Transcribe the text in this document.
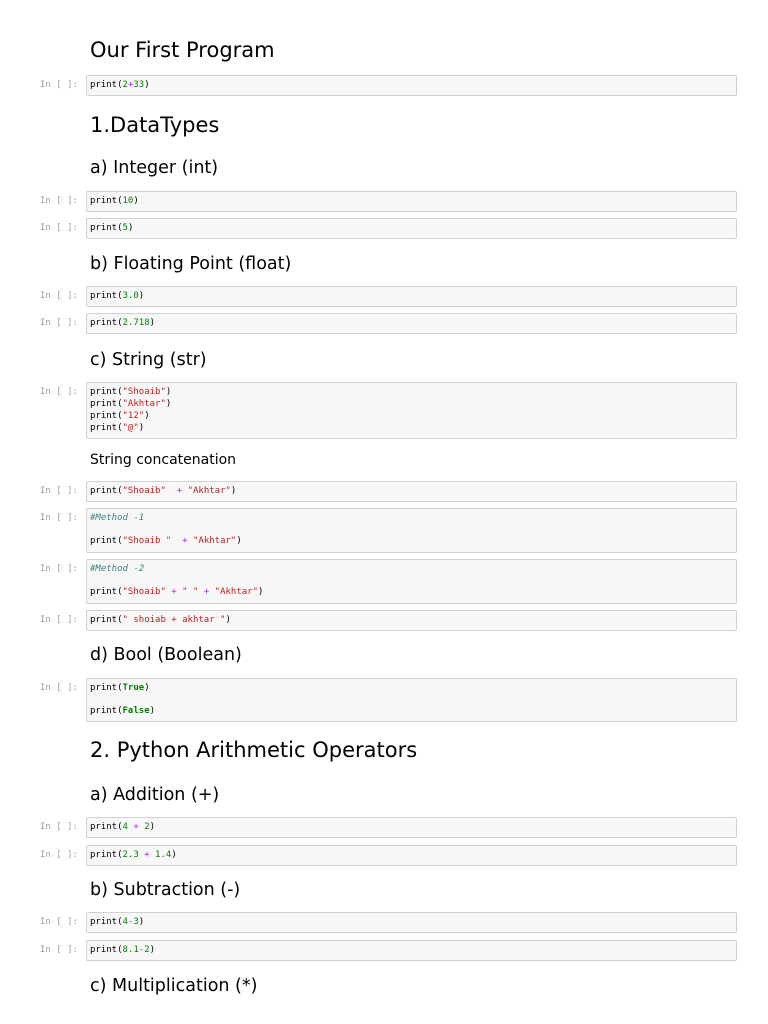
Our First Program
In [ ]:	print(2+33)
1.DataTypes
a) Integer (int)
In [ ]:	print(10)
In [ ]:	print(5)
b) Floating Point (float)
In [ ]:	print(3.0)
In [ ]:	print(2.718)
c) String (str)
In [ ]:	print("Shoaib")
print("Akhtar")
print("12")
print("@")
String concatenation
In [ ]:	print("Shoaib" + "Akhtar")
In [ ]:	#Method -1
print("Shoaib " + "Akhtar")
In [ ]:	#Method -2
print("Shoaib" + " " + "Akhtar")
In [ ]:	print(" shoiab + akhtar ")
d) Bool (Boolean)
In [ ]:	print(True)
print(False)
2. Python Arithmetic Operators
a) Addition (+)
In [ ]:	print(4 + 2)
In [ ]:	print(2.3 + 1.4)
b) Subtraction (-)
In [ ]:	print(4-3)
In [ ]:	print(8.1-2)
c) Multiplication (*)
